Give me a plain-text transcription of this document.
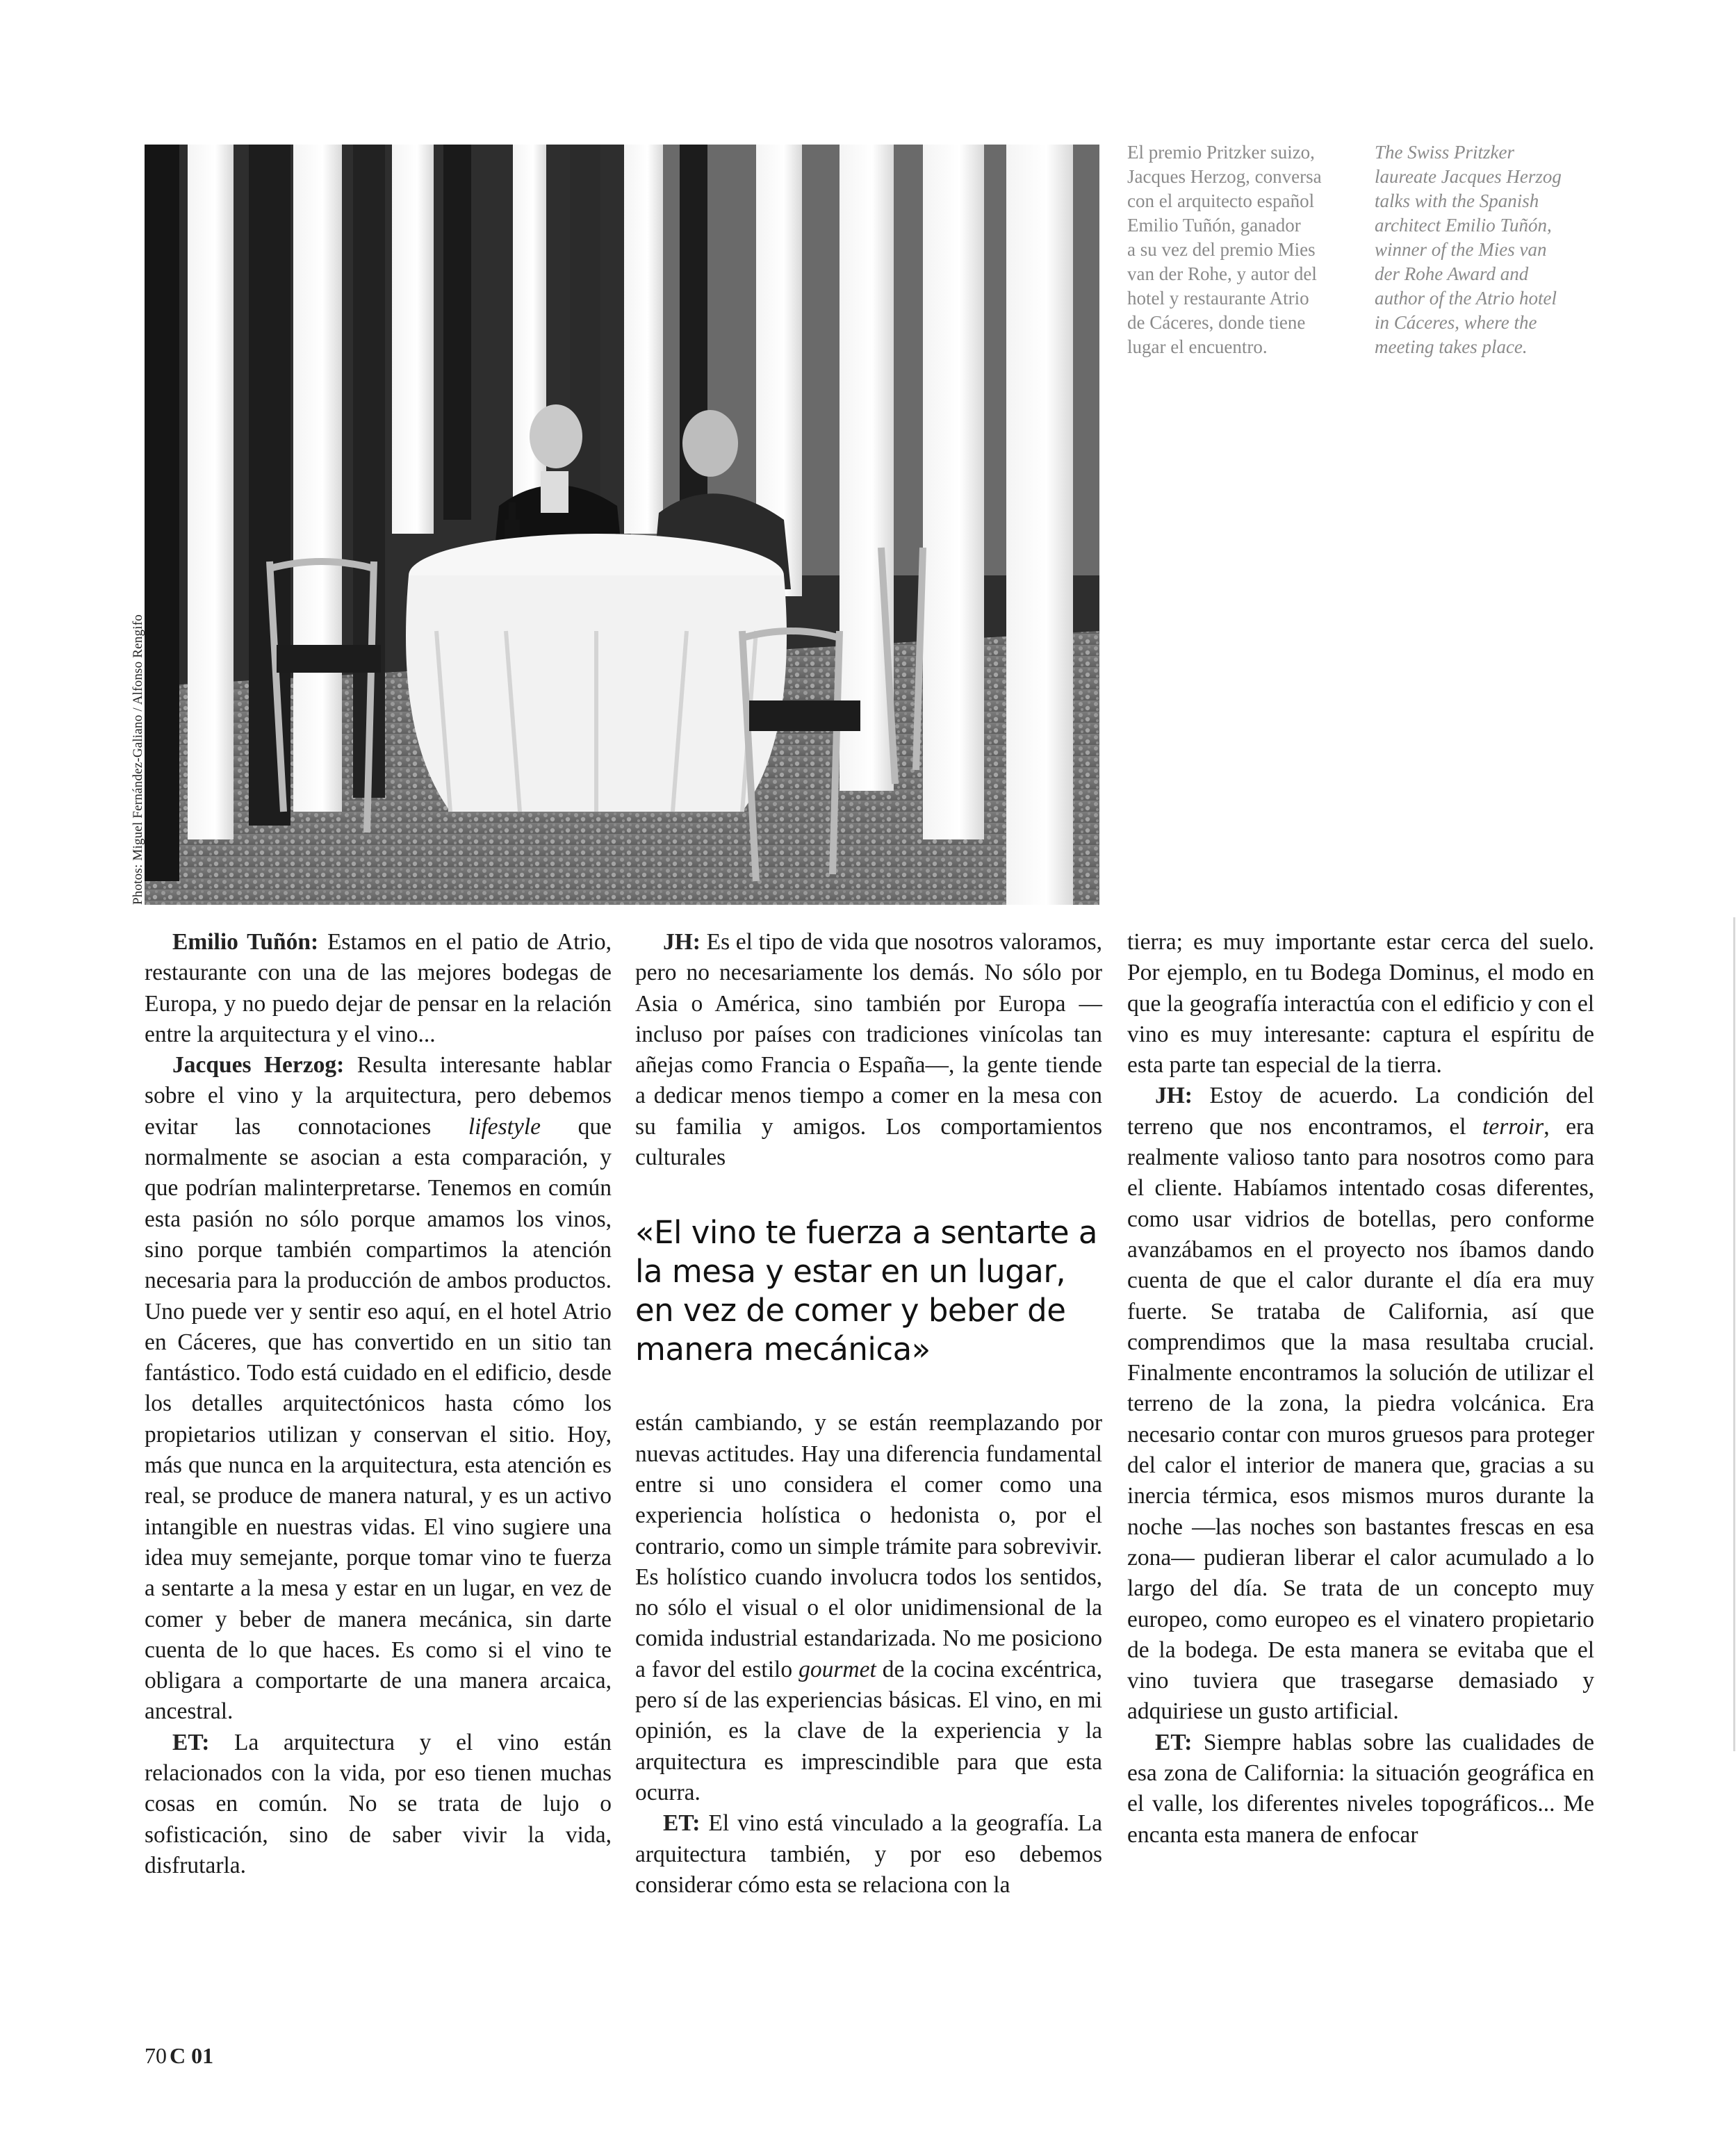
Photos: Miguel Fernández-Galiano / Alfonso Rengifo
El premio Pritzker suizo,
Jacques Herzog, conversa
con el arquitecto español
Emilio Tuñón, ganador
a su vez del premio Mies
van der Rohe, y autor del
hotel y restaurante Atrio
de Cáceres, donde tiene
lugar el encuentro.
The Swiss Pritzker
laureate Jacques Herzog
talks with the Spanish
architect Emilio Tuñón,
winner of the Mies van
der Rohe Award and
author of the Atrio hotel
in Cáceres, where the
meeting takes place.

Emilio Tuñón: Estamos en el patio de Atrio, restaurante con una de las mejores bodegas de Europa, y no puedo dejar de pensar en la relación entre la arquitectura y el vino...

Jacques Herzog: Resulta interesante hablar sobre el vino y la arquitectura, pero debemos evitar las connotaciones lifestyle que normalmente se asocian a esta comparación, y que podrían malinterpretarse. Tenemos en común esta pasión no sólo porque amamos los vinos, sino porque también compartimos la atención necesaria para la producción de ambos productos. Uno puede ver y sentir eso aquí, en el hotel Atrio en Cáceres, que has convertido en un sitio tan fantástico. Todo está cuidado en el edificio, desde los detalles arquitectónicos hasta cómo los propietarios utilizan y conservan el sitio. Hoy, más que nunca en la arquitectura, esta atención es real, se produce de manera natural, y es un activo intangible en nuestras vidas. El vino sugiere una idea muy semejante, porque tomar vino te fuerza a sentarte a la mesa y estar en un lugar, en vez de comer y beber de manera mecánica, sin darte cuenta de lo que haces. Es como si el vino te obligara a comportarte de una manera arcaica, ancestral.

ET: La arquitectura y el vino están relacionados con la vida, por eso tienen muchas cosas en común. No se trata de lujo o sofisticación, sino de saber vivir la vida, disfrutarla.

JH: Es el tipo de vida que nosotros valoramos, pero no necesariamente los demás. No sólo por Asia o América, sino también por Europa —incluso por países con tradiciones vinícolas tan añejas como Francia o España—, la gente tiende a dedicar menos tiempo a comer en la mesa con su familia y amigos. Los comportamientos culturales

«El vino te fuerza a sentarte a la mesa y estar en un lugar, en vez de comer y beber de manera mecánica»

están cambiando, y se están reemplazando por nuevas actitudes. Hay una diferencia fundamental entre si uno considera el comer como una experiencia holística o hedonista o, por el contrario, como un simple trámite para sobrevivir. Es holístico cuando involucra todos los sentidos, no sólo el visual o el olor unidimensional de la comida industrial estandarizada. No me posiciono a favor del estilo gourmet de la cocina excéntrica, pero sí de las experiencias básicas. El vino, en mi opinión, es la clave de la experiencia y la arquitectura es imprescindible para que esta ocurra.

ET: El vino está vinculado a la geografía. La arquitectura también, y por eso debemos considerar cómo esta se relaciona con la

tierra; es muy importante estar cerca del suelo. Por ejemplo, en tu Bodega Dominus, el modo en que la geografía interactúa con el edificio y con el vino es muy interesante: captura el espíritu de esta parte tan especial de la tierra.

JH: Estoy de acuerdo. La condición del terreno que nos encontramos, el terroir, era realmente valioso tanto para nosotros como para el cliente. Habíamos intentado cosas diferentes, como usar vidrios de botellas, pero conforme avanzábamos en el proyecto nos íbamos dando cuenta de que el calor durante el día era muy fuerte. Se trataba de California, así que comprendimos que la masa resultaba crucial. Finalmente encontramos la solución de utilizar el terreno de la zona, la piedra volcánica. Era necesario contar con muros gruesos para proteger del calor el interior de manera que, gracias a su inercia térmica, esos mismos muros durante la noche —las noches son bastantes frescas en esa zona— pudieran liberar el calor acumulado a lo largo del día. Se trata de un concepto muy europeo, como europeo es el vinatero propietario de la bodega. De esta manera se evitaba que el vino tuviera que trasegarse demasiado y adquiriese un gusto artificial.

ET: Siempre hablas sobre las cualidades de esa zona de California: la situación geográfica en el valle, los diferentes niveles topográficos... Me encanta esta manera de enfocar

70 C 01
